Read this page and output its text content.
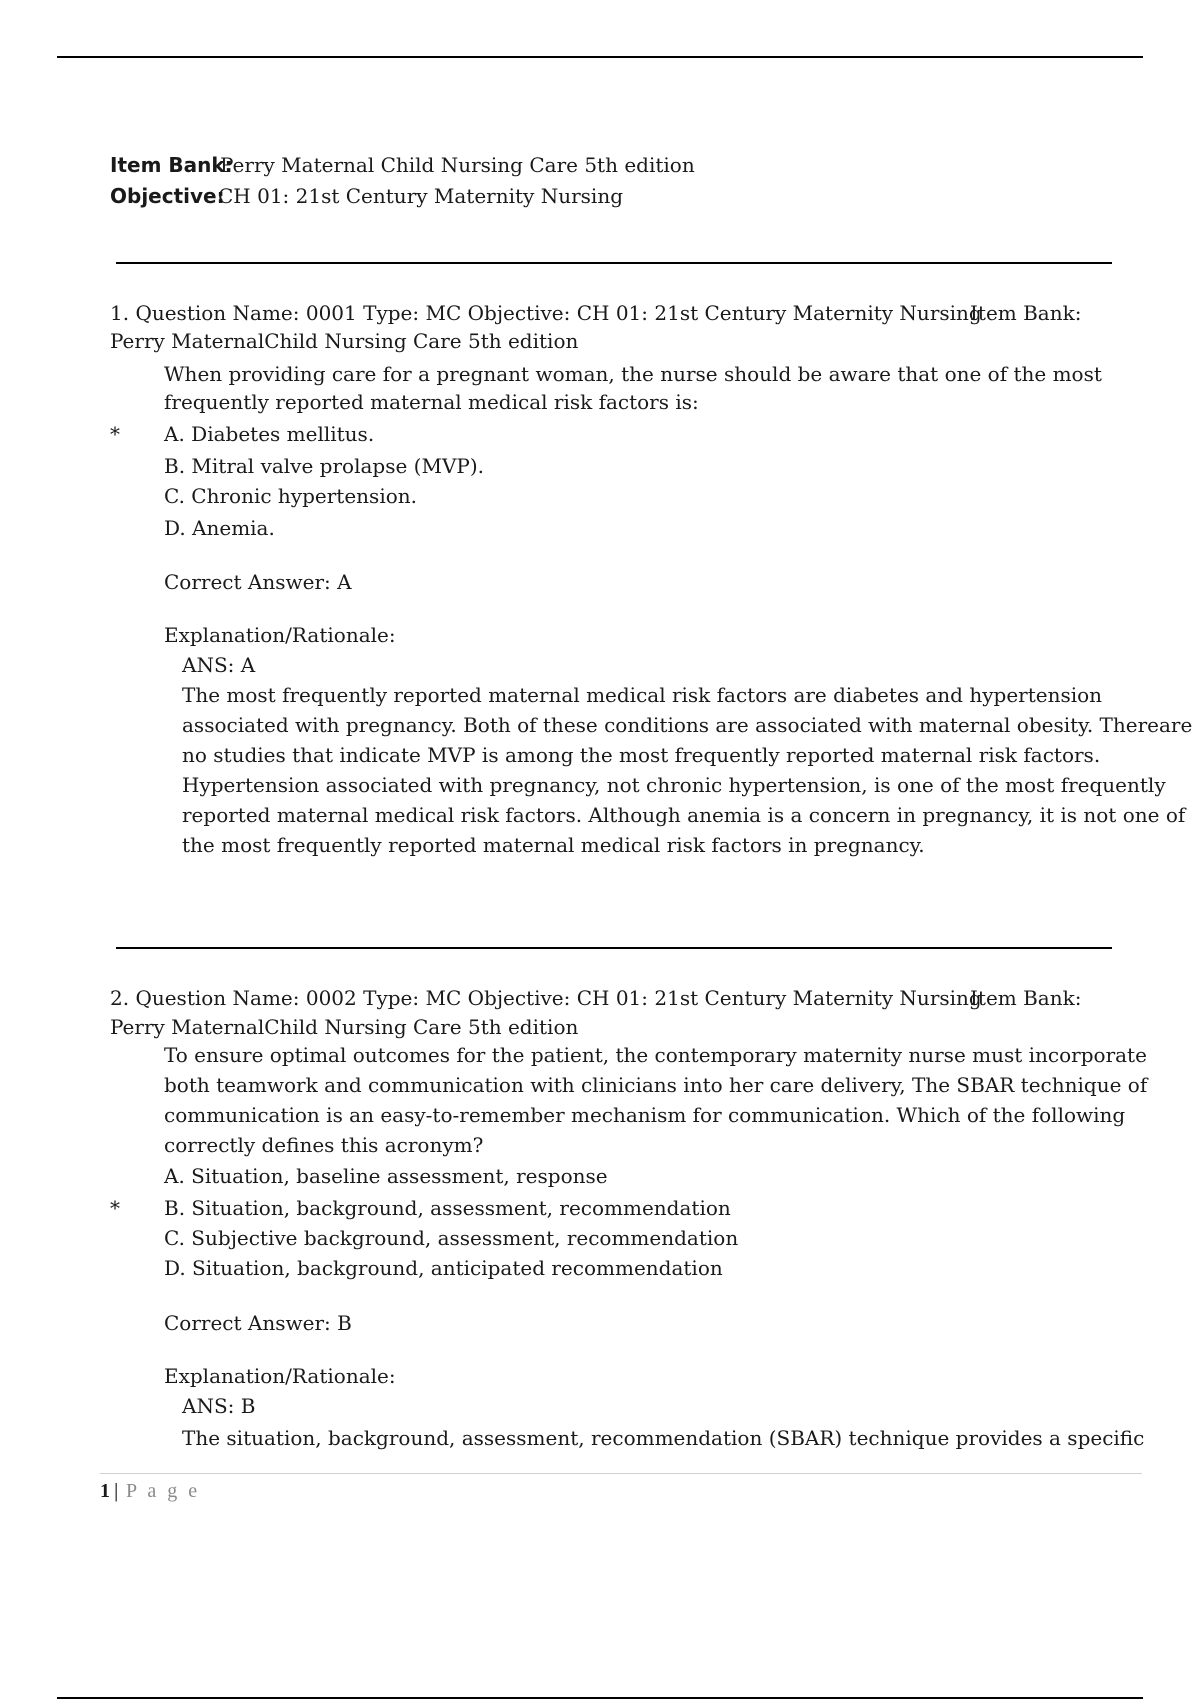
Item Bank:
Perry Maternal Child Nursing Care 5th edition
Objective:
CH 01: 21st Century Maternity Nursing
1. Question Name: 0001 Type: MC Objective: CH 01: 21st Century Maternity Nursing
Item Bank:
Perry MaternalChild Nursing Care 5th edition
When providing care for a pregnant woman, the nurse should be aware that one of the most
frequently reported maternal medical risk factors is:
* A. Diabetes mellitus.
B. Mitral valve prolapse (MVP).
C. Chronic hypertension.
D. Anemia.
Correct Answer: A
Explanation/Rationale:
ANS: A
The most frequently reported maternal medical risk factors are diabetes and hypertension
associated with pregnancy. Both of these conditions are associated with maternal obesity. Thereare
no studies that indicate MVP is among the most frequently reported maternal risk factors.
Hypertension associated with pregnancy, not chronic hypertension, is one of the most frequently
reported maternal medical risk factors. Although anemia is a concern in pregnancy, it is not one of
the most frequently reported maternal medical risk factors in pregnancy.
2. Question Name: 0002 Type: MC Objective: CH 01: 21st Century Maternity Nursing
Item Bank:
Perry MaternalChild Nursing Care 5th edition
To ensure optimal outcomes for the patient, the contemporary maternity nurse must incorporate
both teamwork and communication with clinicians into her care delivery, The SBAR technique of
communication is an easy-to-remember mechanism for communication. Which of the following
correctly defines this acronym?
A. Situation, baseline assessment, response
* B. Situation, background, assessment, recommendation
C. Subjective background, assessment, recommendation
D. Situation, background, anticipated recommendation
Correct Answer: B
Explanation/Rationale:
ANS: B
The situation, background, assessment, recommendation (SBAR) technique provides a specific
1 | P a g e
